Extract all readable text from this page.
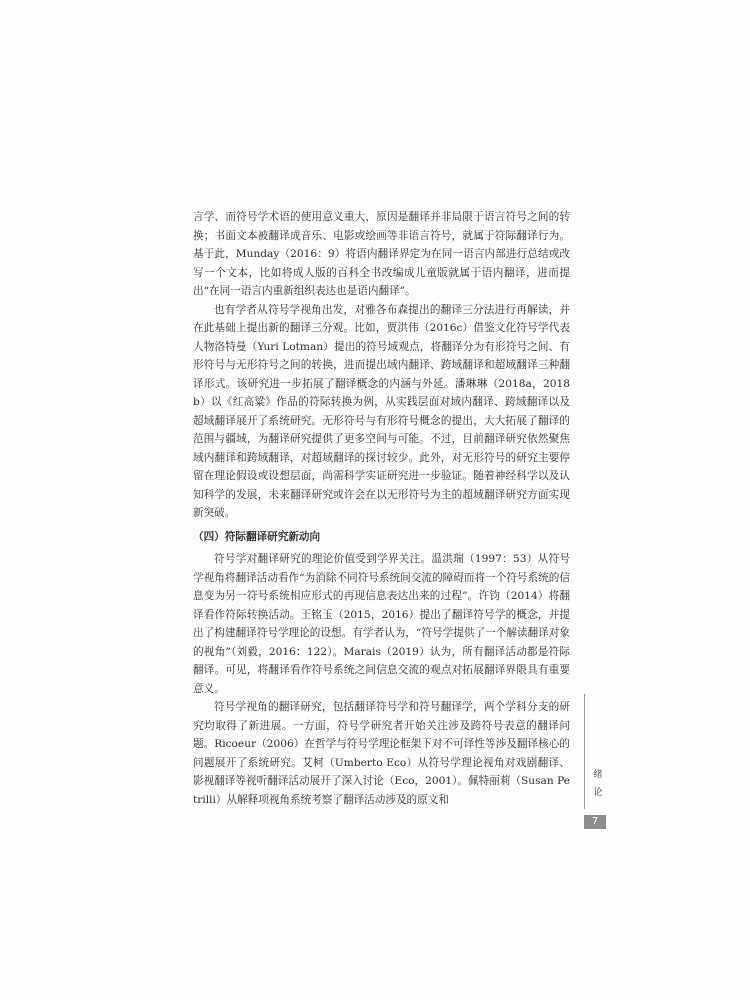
言学、而符号学术语的使用意义重大，原因是翻译并非局限于语言符号之间的转换；书面文本被翻译成音乐、电影或绘画等非语言符号，就属于符际翻译行为。基于此，Munday（2016：9）将语内翻译界定为在同一语言内部进行总结或改写一个文本，比如将成人版的百科全书改编成儿童版就属于语内翻译，进而提出“在同一语言内重新组织表达也是语内翻译”。

也有学者从符号学视角出发，对雅各布森提出的翻译三分法进行再解读，并在此基础上提出新的翻译三分观。比如，贾洪伟（2016c）借鉴文化符号学代表人物洛特曼（Yuri Lotman）提出的符号域观点，将翻译分为有形符号之间、有形符号与无形符号之间的转换，进而提出域内翻译、跨域翻译和超域翻译三种翻译形式。该研究进一步拓展了翻译概念的内涵与外延。潘琳琳（2018a，2018b）以《红高粱》作品的符际转换为例，从实践层面对域内翻译、跨域翻译以及超域翻译展开了系统研究。无形符号与有形符号概念的提出，大大拓展了翻译的范围与疆域，为翻译研究提供了更多空间与可能。不过，目前翻译研究依然聚焦域内翻译和跨域翻译，对超域翻译的探讨较少。此外，对无形符号的研究主要停留在理论假设或设想层面，尚需科学实证研究进一步验证。随着神经科学以及认知科学的发展，未来翻译研究或许会在以无形符号为主的超域翻译研究方面实现新突破。

（四）符际翻译研究新动向

符号学对翻译研究的理论价值受到学界关注。温洪瑞（1997：53）从符号学视角将翻译活动看作“为消除不同符号系统间交流的障碍而将一个符号系统的信息变为另一符号系统相应形式的再现信息表达出来的过程”。许钧（2014）将翻译看作符际转换活动。王铭玉（2015，2016）提出了翻译符号学的概念，并提出了构建翻译符号学理论的设想。有学者认为，“符号学提供了一个解读翻译对象的视角”（刘毅，2016：122）。Marais（2019）认为，所有翻译活动都是符际翻译。可见，将翻译看作符号系统之间信息交流的观点对拓展翻译界限具有重要意义。

符号学视角的翻译研究，包括翻译符号学和符号翻译学，两个学科分支的研究均取得了新进展。一方面，符号学研究者开始关注涉及跨符号表意的翻译问题。Ricoeur（2006）在哲学与符号学理论框架下对不可译性等涉及翻译核心的问题展开了系统研究。艾柯（Umberto Eco）从符号学理论视角对戏剧翻译、影视翻译等视听翻译活动展开了深入讨论（Eco，2001）。佩特丽莉（Susan Petrilli）从解释项视角系统考察了翻译活动涉及的原文和

绪论
7
